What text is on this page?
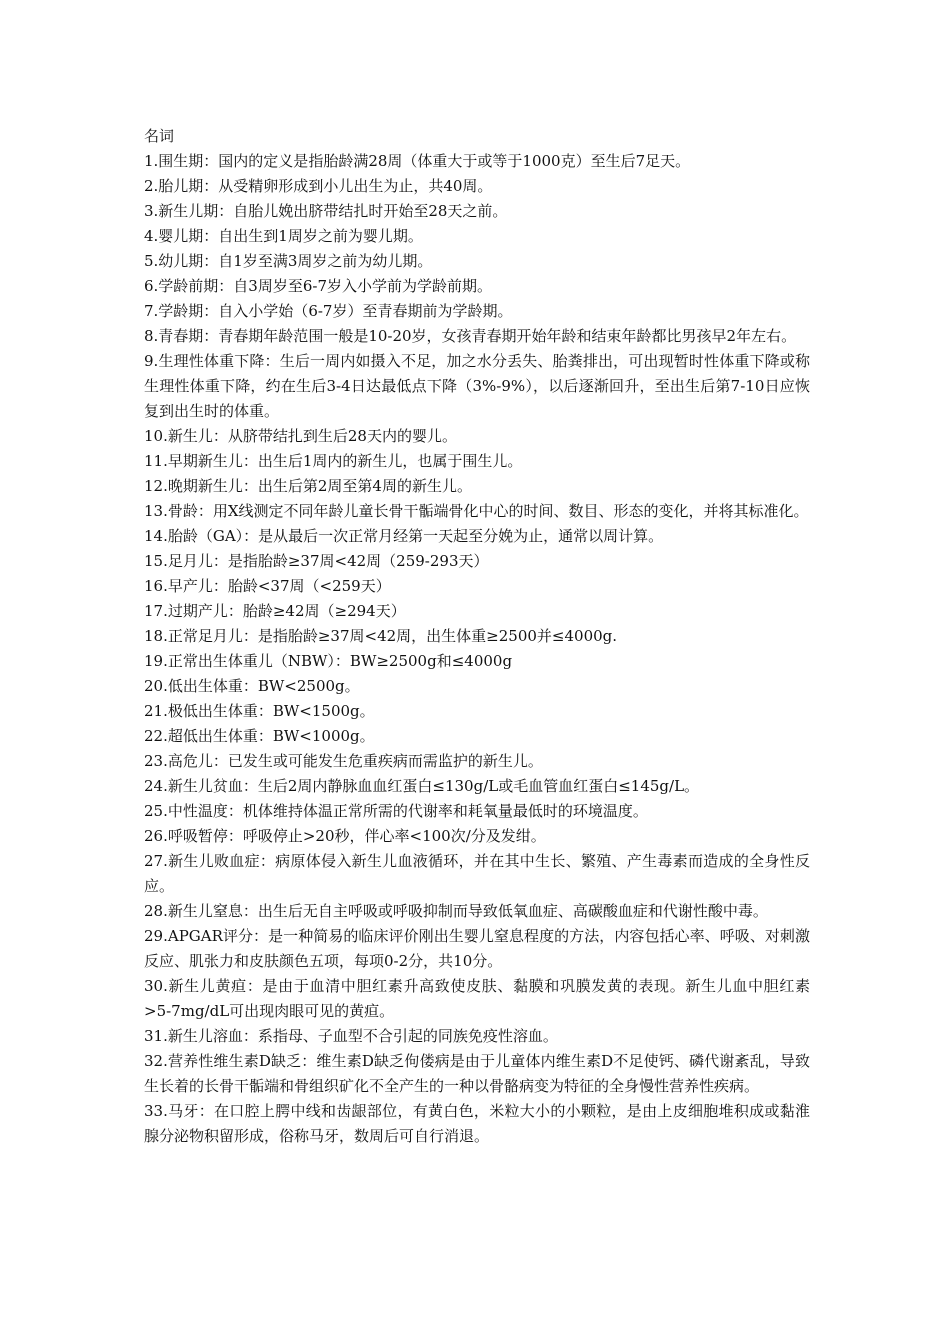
名词

1.围生期：国内的定义是指胎龄满28周（体重大于或等于1000克）至生后7足天。

2.胎儿期：从受精卵形成到小儿出生为止，共40周。

3.新生儿期：自胎儿娩出脐带结扎时开始至28天之前。

4.婴儿期：自出生到1周岁之前为婴儿期。

5.幼儿期：自1岁至满3周岁之前为幼儿期。

6.学龄前期：自3周岁至6-7岁入小学前为学龄前期。

7.学龄期：自入小学始（6-7岁）至青春期前为学龄期。

8.青春期：青春期年龄范围一般是10-20岁，女孩青春期开始年龄和结束年龄都比男孩早2年左右。

9.生理性体重下降：生后一周内如摄入不足，加之水分丢失、胎粪排出，可出现暂时性体重下降或称生理性体重下降，约在生后3-4日达最低点下降（3%-9%），以后逐渐回升，至出生后第7-10日应恢复到出生时的体重。

10.新生儿：从脐带结扎到生后28天内的婴儿。

11.早期新生儿：出生后1周内的新生儿，也属于围生儿。

12.晚期新生儿：出生后第2周至第4周的新生儿。

13.骨龄：用X线测定不同年龄儿童长骨干骺端骨化中心的时间、数目、形态的变化，并将其标准化。

14.胎龄（GA）：是从最后一次正常月经第一天起至分娩为止，通常以周计算。

15.足月儿：是指胎龄≥37周<42周（259-293天）

16.早产儿：胎龄<37周（<259天）

17.过期产儿：胎龄≥42周（≥294天）

18.正常足月儿：是指胎龄≥37周<42周，出生体重≥2500并≤4000g.

19.正常出生体重儿（NBW）：BW≥2500g和≤4000g

20.低出生体重：BW<2500g。

21.极低出生体重：BW<1500g。

22.超低出生体重：BW<1000g。

23.高危儿：已发生或可能发生危重疾病而需监护的新生儿。

24.新生儿贫血：生后2周内静脉血血红蛋白≤130g/L或毛血管血红蛋白≤145g/L。

25.中性温度：机体维持体温正常所需的代谢率和耗氧量最低时的环境温度。

26.呼吸暂停：呼吸停止>20秒，伴心率<100次/分及发绀。

27.新生儿败血症：病原体侵入新生儿血液循环，并在其中生长、繁殖、产生毒素而造成的全身性反应。

28.新生儿窒息：出生后无自主呼吸或呼吸抑制而导致低氧血症、高碳酸血症和代谢性酸中毒。

29.APGAR评分：是一种简易的临床评价刚出生婴儿窒息程度的方法，内容包括心率、呼吸、对刺激反应、肌张力和皮肤颜色五项，每项0-2分，共10分。

30.新生儿黄疸：是由于血清中胆红素升高致使皮肤、黏膜和巩膜发黄的表现。新生儿血中胆红素>5-7mg/dL可出现肉眼可见的黄疸。

31.新生儿溶血：系指母、子血型不合引起的同族免疫性溶血。

32.营养性维生素D缺乏：维生素D缺乏佝偻病是由于儿童体内维生素D不足使钙、磷代谢紊乱，导致生长着的长骨干骺端和骨组织矿化不全产生的一种以骨骼病变为特征的全身慢性营养性疾病。

33.马牙：在口腔上腭中线和齿龈部位，有黄白色，米粒大小的小颗粒，是由上皮细胞堆积成或黏淮腺分泌物积留形成，俗称马牙，数周后可自行消退。
